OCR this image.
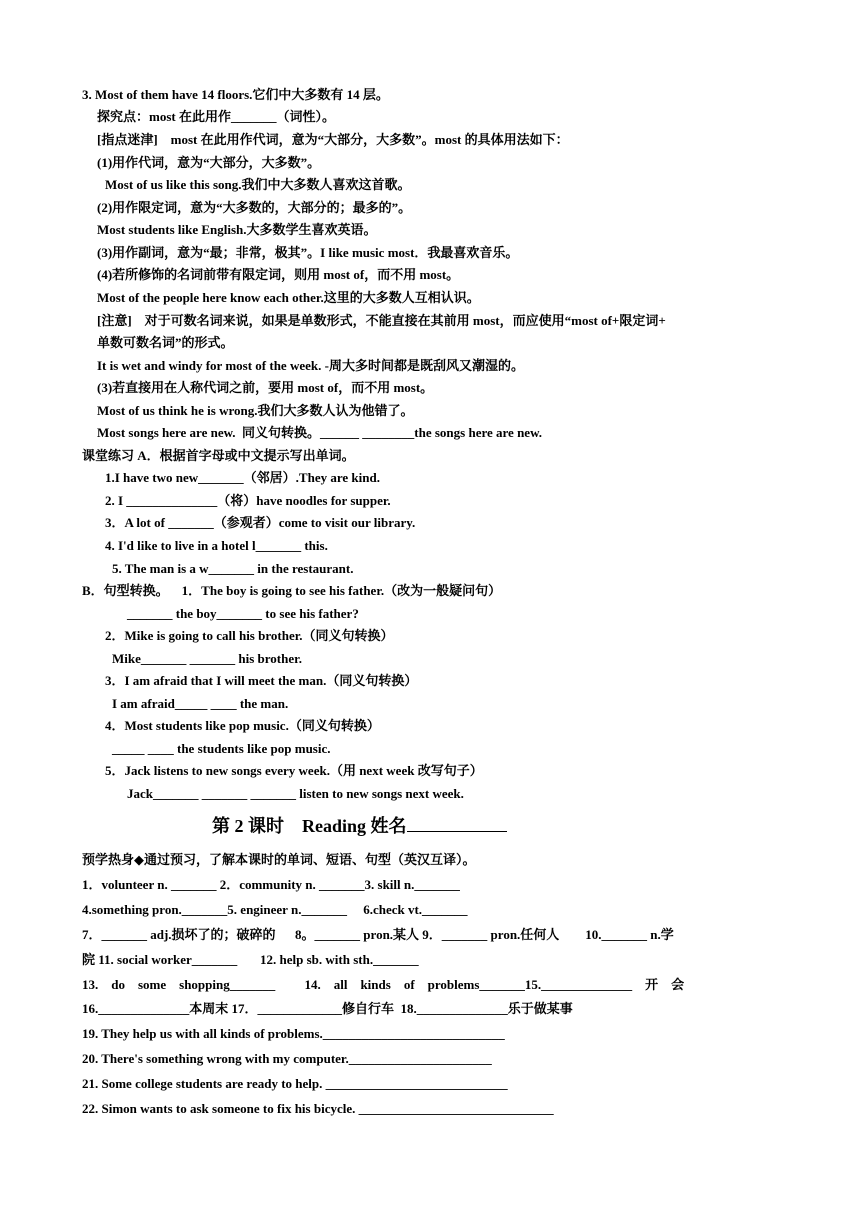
3. Most of them have 14 floors.它们中大多数有 14 层。
探究点：most 在此用作_______（词性）。
[指点迷津]    most 在此用作代词，意为“大部分，大多数”。most 的具体用法如下：
(1)用作代词，意为“大部分，大多数”。
Most of us like this song.我们中大多数人喜欢这首歌。
(2)用作限定词，意为“大多数的，大部分的；最多的”。
Most students like English.大多数学生喜欢英语。
(3)用作副词，意为“最；非常，极其”。I like music most．我最喜欢音乐。
(4)若所修饰的名词前带有限定词，则用 most of，而不用 most。
Most of the people here know each other.这里的大多数人互相认识。
[注意]    对于可数名词来说，如果是单数形式，不能直接在其前用 most，而应使用“most of+限定词+
单数可数名词”的形式。
It is wet and windy for most of the week. -周大多时间都是既刮风又潮湿的。
(3)若直接用在人称代词之前，要用 most of，而不用 most。
Most of us think he is wrong.我们大多数人认为他错了。
Most songs here are new.  同义句转换。______ ________the songs here are new.
课堂练习 A．根据首字母或中文提示写出单词。
1.I have two new_______（邻居）.They are kind.
2. I ______________（将）have noodles for supper.
3．A lot of _______（参观者）come to visit our library.
4. I'd like to live in a hotel l_______ this.
5. The man is a w_______ in the restaurant.
B．句型转换。    1．The boy is going to see his father.（改为一般疑问句）
_______ the boy_______ to see his father?
2．Mike is going to call his brother.（同义句转换）
Mike_______ _______ his brother.
3．I am afraid that I will meet the man.（同义句转换）
I am afraid_____ ____ the man.
4．Most students like pop music.（同义句转换）
_____ ____ the students like pop music.
5．Jack listens to new songs every week.（用 next week 改写句子）
Jack_______ _______ _______ listen to new songs next week.
第 2 课时    Reading 姓名
预学热身◆通过预习，了解本课时的单词、短语、句型（英汉互译）。
1．volunteer n. _______ 2．community n. _______3. skill n._______
4.something pron._______5. engineer n._______     6.check vt._______
7．_______ adj.损坏了的；破碎的      8。_______ pron.某人 9．_______ pron.任何人        10._______ n.学
院 11. social worker_______       12. help sb. with sth._______
13.    do    some    shopping_______         14.    all    kinds    of    problems_______15.______________    开    会
16.______________本周末 17．_____________修自行车  18.______________乐于做某事
19. They help us with all kinds of problems.____________________________
20. There's something wrong with my computer.______________________
21. Some college students are ready to help. ____________________________
22. Simon wants to ask someone to fix his bicycle. ______________________________
